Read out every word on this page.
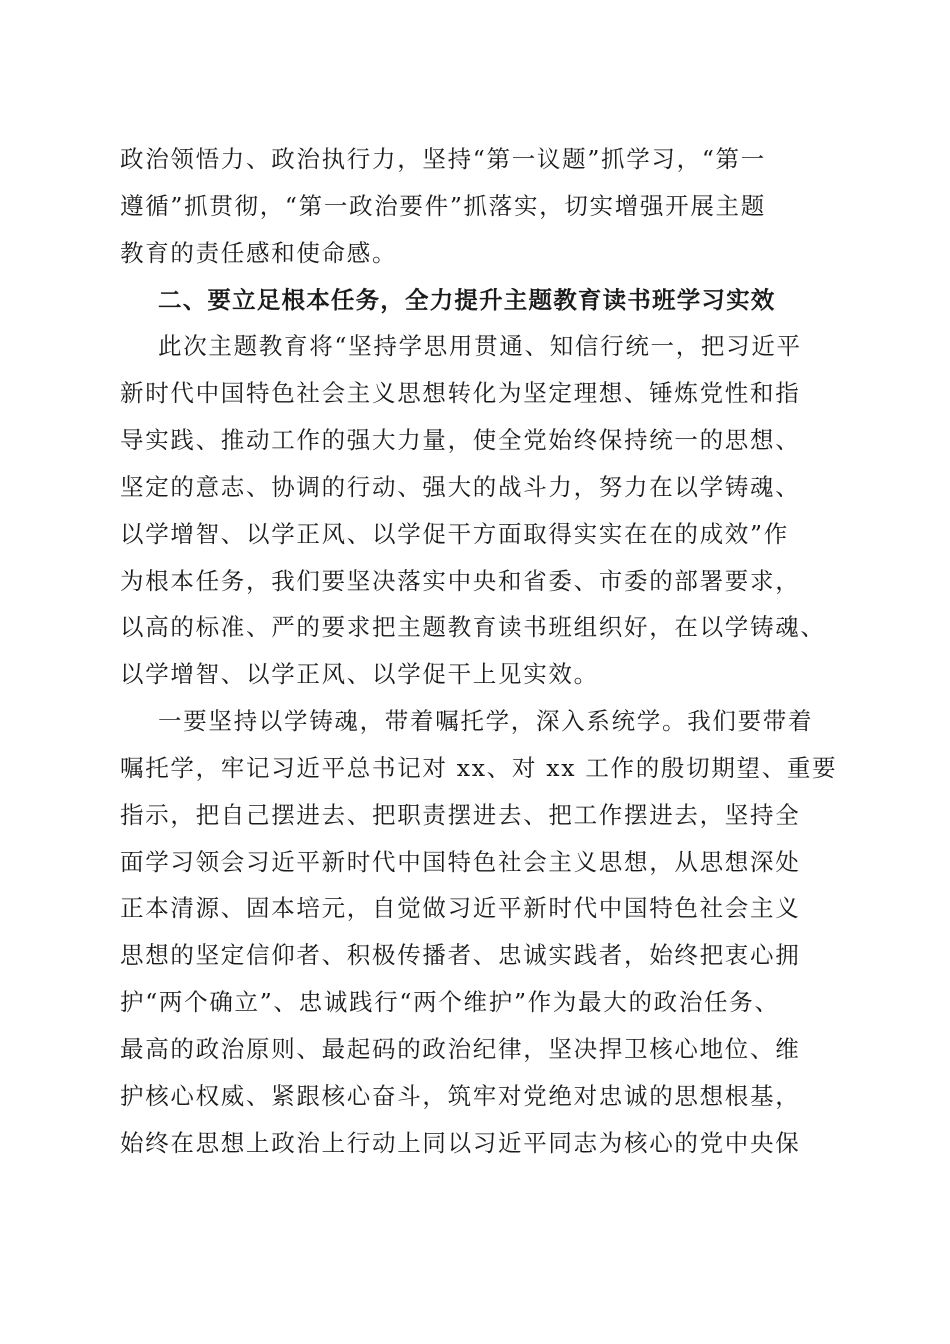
政治领悟力、政治执行力，坚持“第一议题”抓学习，“第一
遵循”抓贯彻，“第一政治要件”抓落实，切实增强开展主题
教育的责任感和使命感。
二、要立足根本任务，全力提升主题教育读书班学习实效
此次主题教育将“坚持学思用贯通、知信行统一，把习近平
新时代中国特色社会主义思想转化为坚定理想、锤炼党性和指
导实践、推动工作的强大力量，使全党始终保持统一的思想、
坚定的意志、协调的行动、强大的战斗力，努力在以学铸魂、
以学增智、以学正风、以学促干方面取得实实在在的成效”作
为根本任务，我们要坚决落实中央和省委、市委的部署要求，
以高的标准、严的要求把主题教育读书班组织好，在以学铸魂、
以学增智、以学正风、以学促干上见实效。
一要坚持以学铸魂，带着嘱托学，深入系统学。我们要带着
嘱托学，牢记习近平总书记对 xx、对 xx 工作的殷切期望、重要
指示，把自己摆进去、把职责摆进去、把工作摆进去，坚持全
面学习领会习近平新时代中国特色社会主义思想，从思想深处
正本清源、固本培元，自觉做习近平新时代中国特色社会主义
思想的坚定信仰者、积极传播者、忠诚实践者，始终把衷心拥
护“两个确立”、忠诚践行“两个维护”作为最大的政治任务、
最高的政治原则、最起码的政治纪律，坚决捍卫核心地位、维
护核心权威、紧跟核心奋斗，筑牢对党绝对忠诚的思想根基，
始终在思想上政治上行动上同以习近平同志为核心的党中央保
